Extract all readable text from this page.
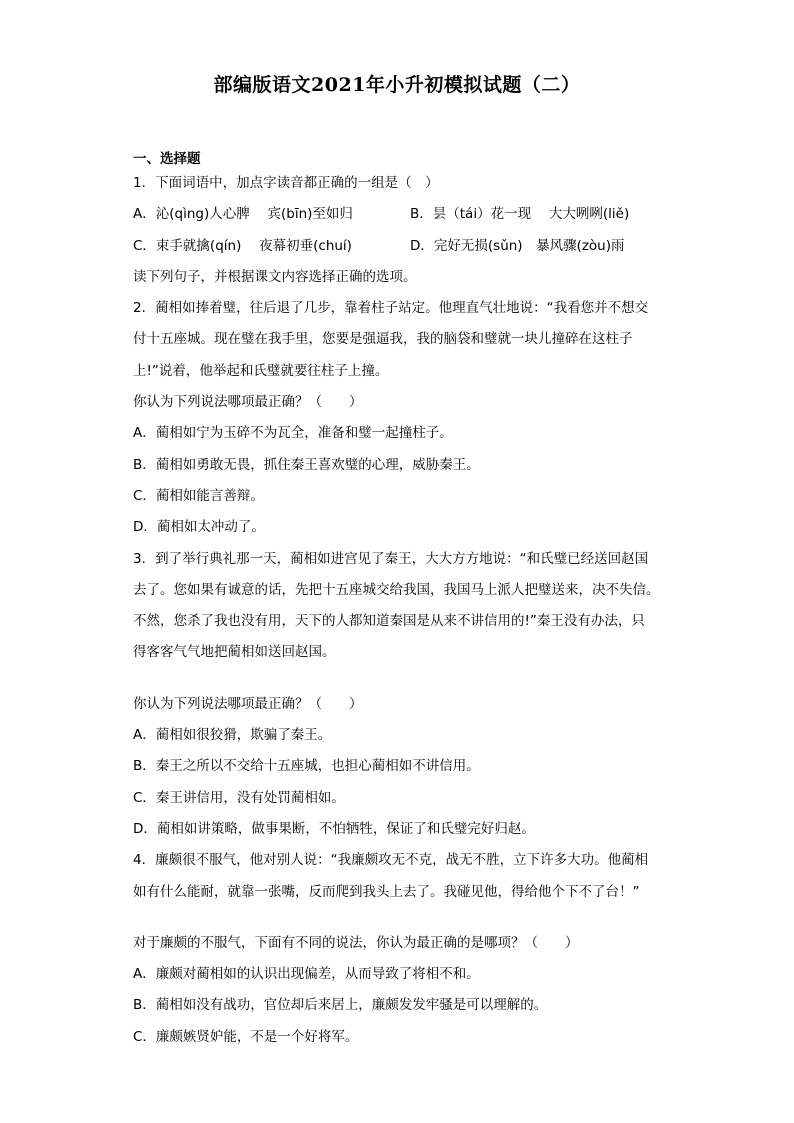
部编版语文2021年小升初模拟试题（二）
一、选择题
1．下面词语中，加点字读音都正确的一组是（　）
A．沁(qìng)人心脾　 宾(bīn)至如归	B．昙（tái）花一现　 大大咧咧(liě)
C．束手就擒(qín)　 夜幕初垂(chuí)	D．完好无损(sǔn)　暴风骤(zòu)雨
读下列句子，并根据课文内容选择正确的选项。
2．蔺相如捧着璧，往后退了几步，靠着柱子站定。他理直气壮地说：“我看您并不想交
付十五座城。现在璧在我手里，您要是强逼我，我的脑袋和璧就一块儿撞碎在这柱子
上!”说着，他举起和氏璧就要往柱子上撞。
你认为下列说法哪项最正确？（　　）
A．蔺相如宁为玉碎不为瓦全，准备和璧一起撞柱子。
B．蔺相如勇敢无畏，抓住秦王喜欢璧的心理，威胁秦王。
C．蔺相如能言善辩。
D．蔺相如太冲动了。
3．到了举行典礼那一天，蔺相如进宫见了秦王，大大方方地说：“和氏璧已经送回赵国
去了。您如果有诚意的话，先把十五座城交给我国，我国马上派人把璧送来，决不失信。
不然，您杀了我也没有用，天下的人都知道秦国是从来不讲信用的!”秦王没有办法，只
得客客气气地把蔺相如送回赵国。
你认为下列说法哪项最正确？（　　）
A．蔺相如很狡猾，欺骗了秦王。
B．秦王之所以不交给十五座城，也担心蔺相如不讲信用。
C．秦王讲信用，没有处罚蔺相如。
D．蔺相如讲策略，做事果断，不怕牺牲，保证了和氏璧完好归赵。
4．廉颇很不服气，他对别人说：“我廉颇攻无不克，战无不胜，立下许多大功。他蔺相
如有什么能耐，就靠一张嘴，反而爬到我头上去了。我碰见他，得给他个下不了台！”
对于廉颇的不服气，下面有不同的说法，你认为最正确的是哪项？（　　）
A．廉颇对蔺相如的认识出现偏差，从而导致了将相不和。
B．蔺相如没有战功，官位却后来居上，廉颇发发牢骚是可以理解的。
C．廉颇嫉贤妒能，不是一个好将军。
